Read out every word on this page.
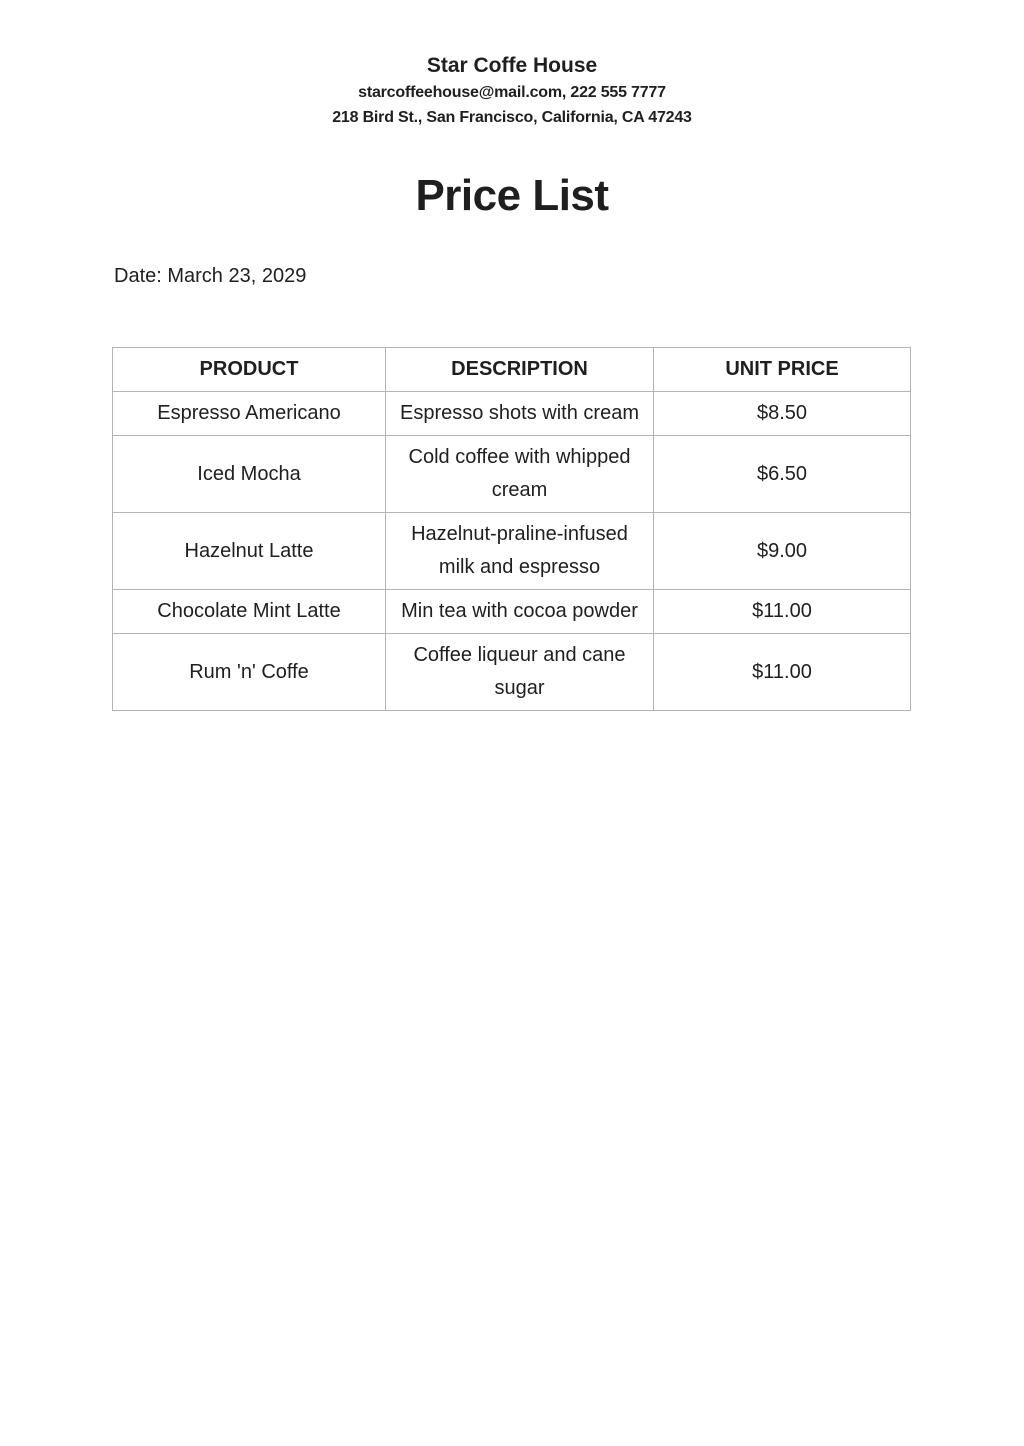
Star Coffe House

starcoffeehouse@mail.com, 222 555 7777

218 Bird St., San Francisco, California, CA 47243

Price List
Date: March 23, 2029
PRODUCT	DESCRIPTION	UNIT PRICE
Espresso Americano	Espresso shots with cream	$8.50
Iced Mocha	Cold coffee with whipped cream	$6.50
Hazelnut Latte	Hazelnut-praline-infused milk and espresso	$9.00
Chocolate Mint Latte	Min tea with cocoa powder	$11.00
Rum 'n' Coffe	Coffee liqueur and cane sugar	$11.00
